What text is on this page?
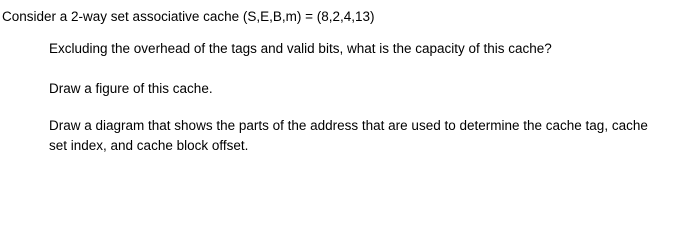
Consider a 2-way set associative cache (S,E,B,m) = (8,2,4,13)
Excluding the overhead of the tags and valid bits, what is the capacity of this cache?
Draw a figure of this cache.
Draw a diagram that shows the parts of the address that are used to determine the cache tag, cache set index, and cache block offset.
